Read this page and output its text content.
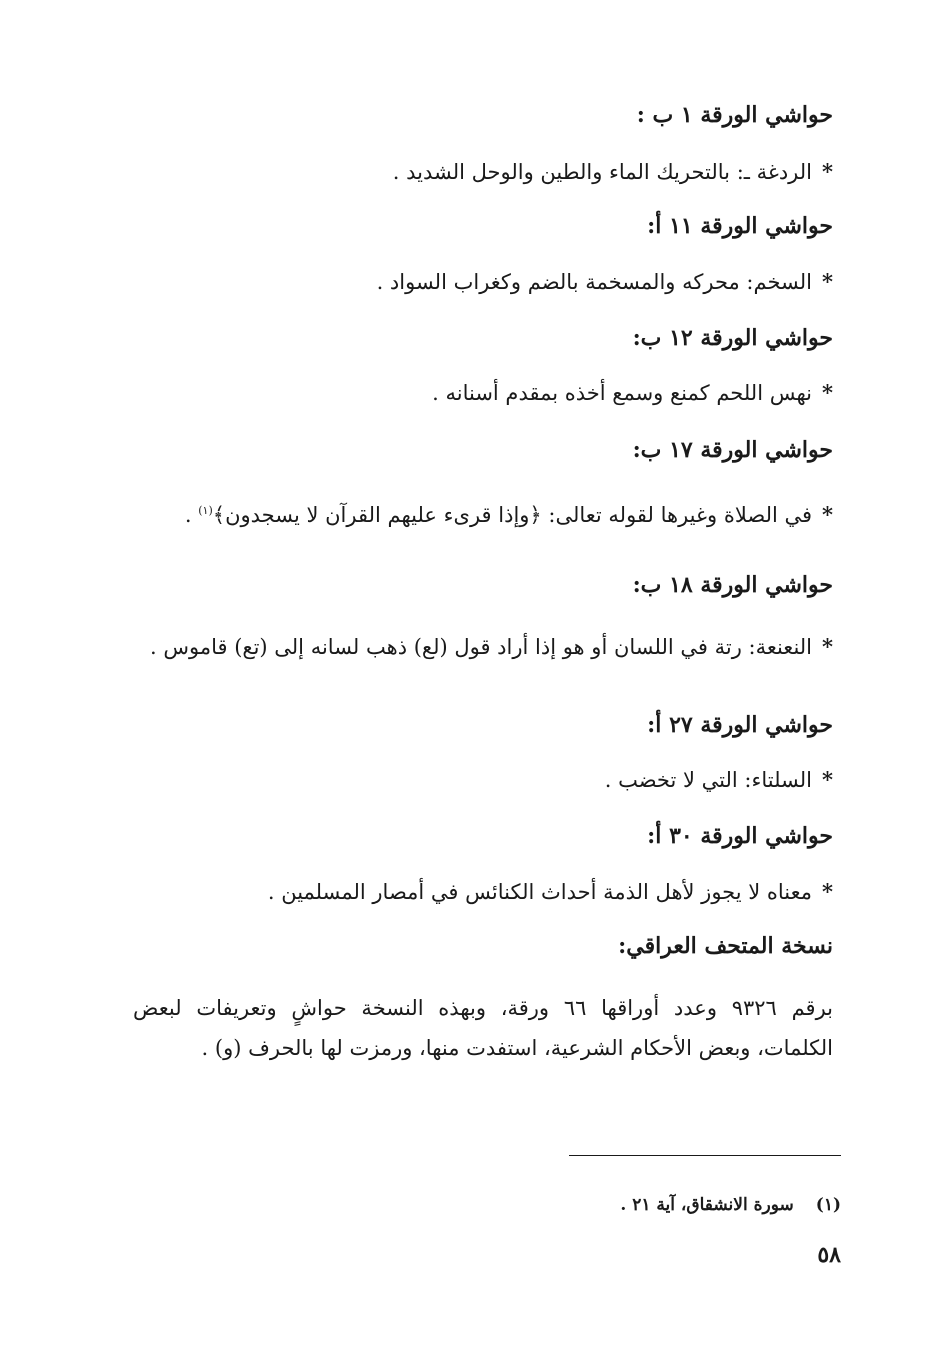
حواشي الورقة ١ ب :
*الردغة ـ: بالتحريك الماء والطين والوحل الشديد .
حواشي الورقة ١١ أ:
*السخم: محركه والمسخمة بالضم وكغراب السواد .
حواشي الورقة ١٢ ب:
*نهس اللحم كمنع وسمع أخذه بمقدم أسنانه .
حواشي الورقة ١٧ ب:
*في الصلاة وغيرها لقوله تعالى: ﴿وإذا قرىء عليهم القرآن لا يسجدون﴾$^{(١)}$ .
حواشي الورقة ١٨ ب:
*النعنعة: رتة في اللسان أو هو إذا أراد قول (لع) ذهب لسانه إلى (تع) قاموس .
حواشي الورقة ٢٧ أ:
*السلتاء: التي لا تخضب .
حواشي الورقة ٣٠ أ:
*معناه لا يجوز لأهل الذمة أحداث الكنائس في أمصار المسلمين .
نسخة المتحف العراقي:
برقم ٩٣٢٦ وعدد أوراقها ٦٦ ورقة، وبهذه النسخة حواشٍ وتعريفات لبعض الكلمات، وبعض الأحكام الشرعية، استفدت منها، ورمزت لها بالحرف (و) .
(١)سورة الانشقاق، آية ٢١ .
٥٨
